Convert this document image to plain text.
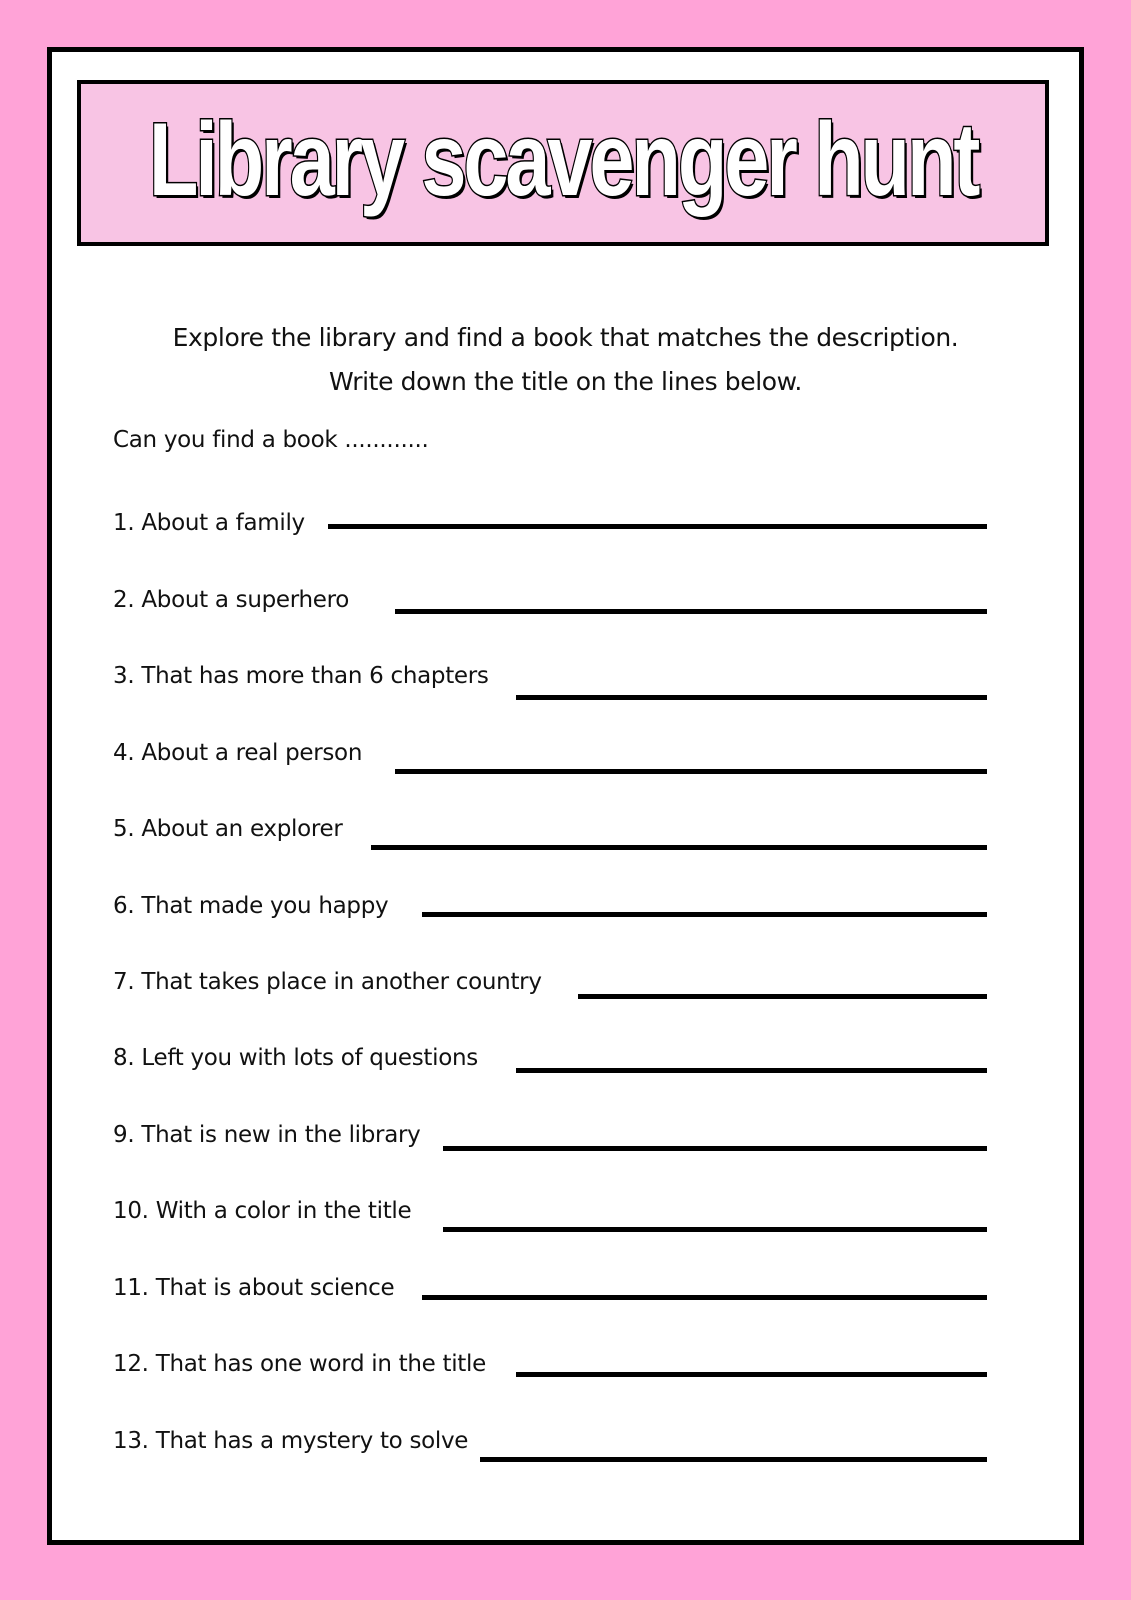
Library scavenger hunt
Explore the library and find a book that matches the description.
Write down the title on the lines below.
Can you find a book ............
1. About a family
2. About a superhero
3. That has more than 6 chapters
4. About a real person
5. About an explorer
6. That made you happy
7. That takes place in another country
8. Left you with lots of questions
9. That is new in the library
10. With a color in the title
11. That is about science
12. That has one word in the title
13. That has a mystery to solve
